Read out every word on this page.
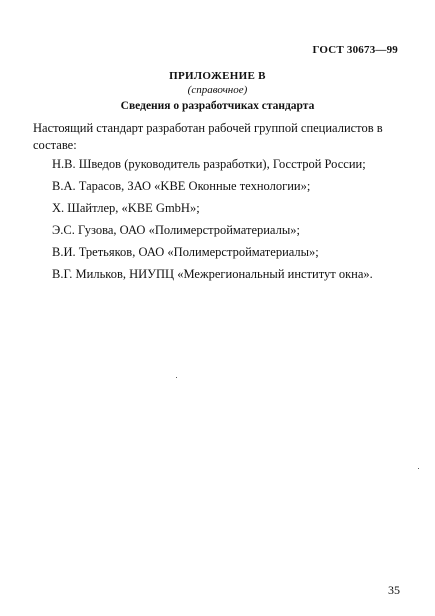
ГОСТ 30673—99
ПРИЛОЖЕНИЕ В
(справочное)
Сведения о разработчиках стандарта
Настоящий стандарт разработан рабочей группой специалистов в составе:
Н.В. Шведов (руководитель разработки), Госстрой России;
В.А. Тарасов, ЗАО «KBE Оконные технологии»;
Х. Шайтлер, «KBE GmbH»;
Э.С. Гузова, ОАО «Полимерстройматериалы»;
В.И. Третьяков, ОАО «Полимерстройматериалы»;
В.Г. Мильков, НИУПЦ «Межрегиональный институт окна».
35
